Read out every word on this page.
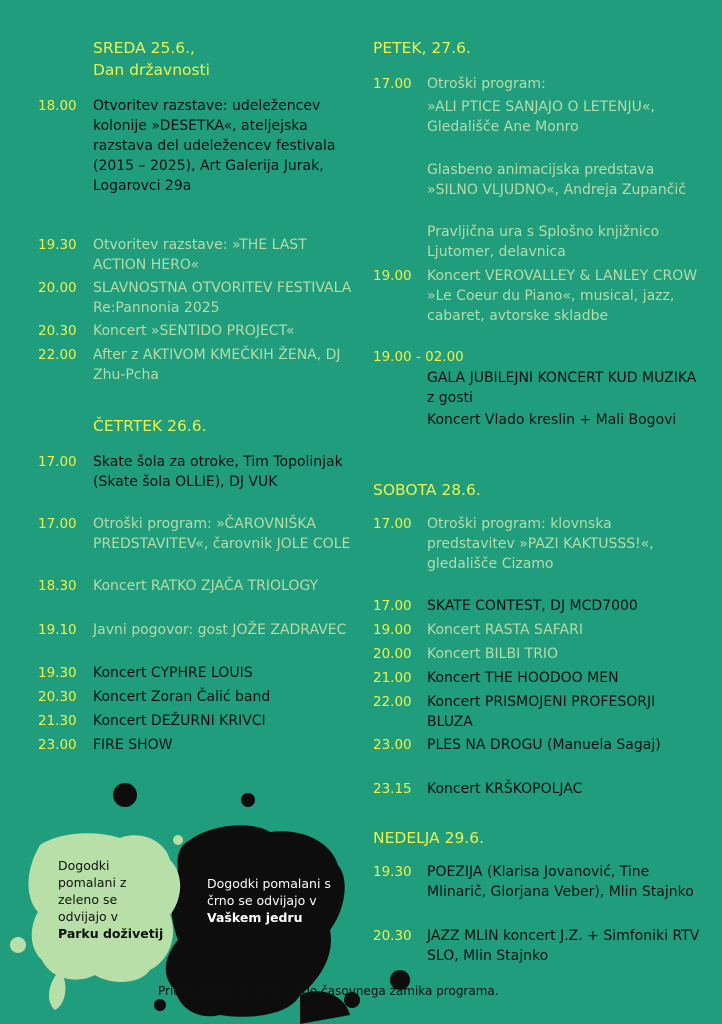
SREDA 25.6.,
Dan državnosti
18.00 Otvoritev razstave: udeležencev kolonije »DESETKA«, ateljejska razstava del udeležencev festivala (2015 – 2025), Art Galerija Jurak, Logarovci 29a
19.30 Otvoritev razstave: »THE LAST ACTION HERO«
20.00 SLAVNOSTNA OTVORITEV FESTIVALA Re:Pannonia 2025
20.30 Koncert »SENTIDO PROJECT«
22.00 After z AKTIVOM KMEČKIH ŽENA, DJ Zhu-Pcha
ČETRTEK 26.6.
17.00 Skate šola za otroke, Tim Topolinjak (Skate šola OLLIE), DJ VUK
17.00 Otroški program: »ČAROVNIŠKA PREDSTAVITEV«, čarovnik JOLE COLE
18.30 Koncert RATKO ZJAČA TRIOLOGY
19.10 Javni pogovor: gost JOŽE ZADRAVEC
19.30 Koncert CYPHRE LOUIS
20.30 Koncert Zoran Čalić band
21.30 Koncert DEŽURNI KRIVCI
23.00 FIRE SHOW
PETEK, 27.6.
17.00 Otroški program:
»ALI PTICE SANJAJO O LETENJU«, Gledališče Ane Monro
Glasbeno animacijska predstava »SILNO VLJUDNO«, Andreja Zupančič
Pravljična ura s Splošno knjižnico Ljutomer, delavnica
19.00 Koncert VEROVALLEY & LANLEY CROW »Le Coeur du Piano«, musical, jazz, cabaret, avtorske skladbe
19.00 - 02.00
GALA JUBILEJNI KONCERT KUD MUZIKA z gosti
Koncert Vlado kreslin + Mali Bogovi
SOBOTA 28.6.
17.00 Otroški program: klovnska predstavitev »PAZI KAKTUSSS!«, gledališče Cizamo
17.00 SKATE CONTEST, DJ MCD7000
19.00 Koncert RASTA SAFARI
20.00 Koncert BILBI TRIO
21.00 Koncert THE HOODOO MEN
22.00 Koncert PRISMOJENI PROFESORJI BLUZA
23.00 PLES NA DROGU (Manuela Sagaj)
23.15 Koncert KRŠKOPOLJAC
NEDELJA 29.6.
19.30 POEZIJA (Klarisa Jovanović, Tine Mlinarič, Glorjana Veber), Mlin Stajnko
20.30 JAZZ MLIN koncert J.Z. + Simfoniki RTV SLO, Mlin Stajnko
Dogodki pomalani z zeleno se odvijajo v
Parku doživetij
Dogodki pomalani s črno se odvijajo v
Vaškem jedru
Pridružujemo si pravico do časovnega zamika programa.
